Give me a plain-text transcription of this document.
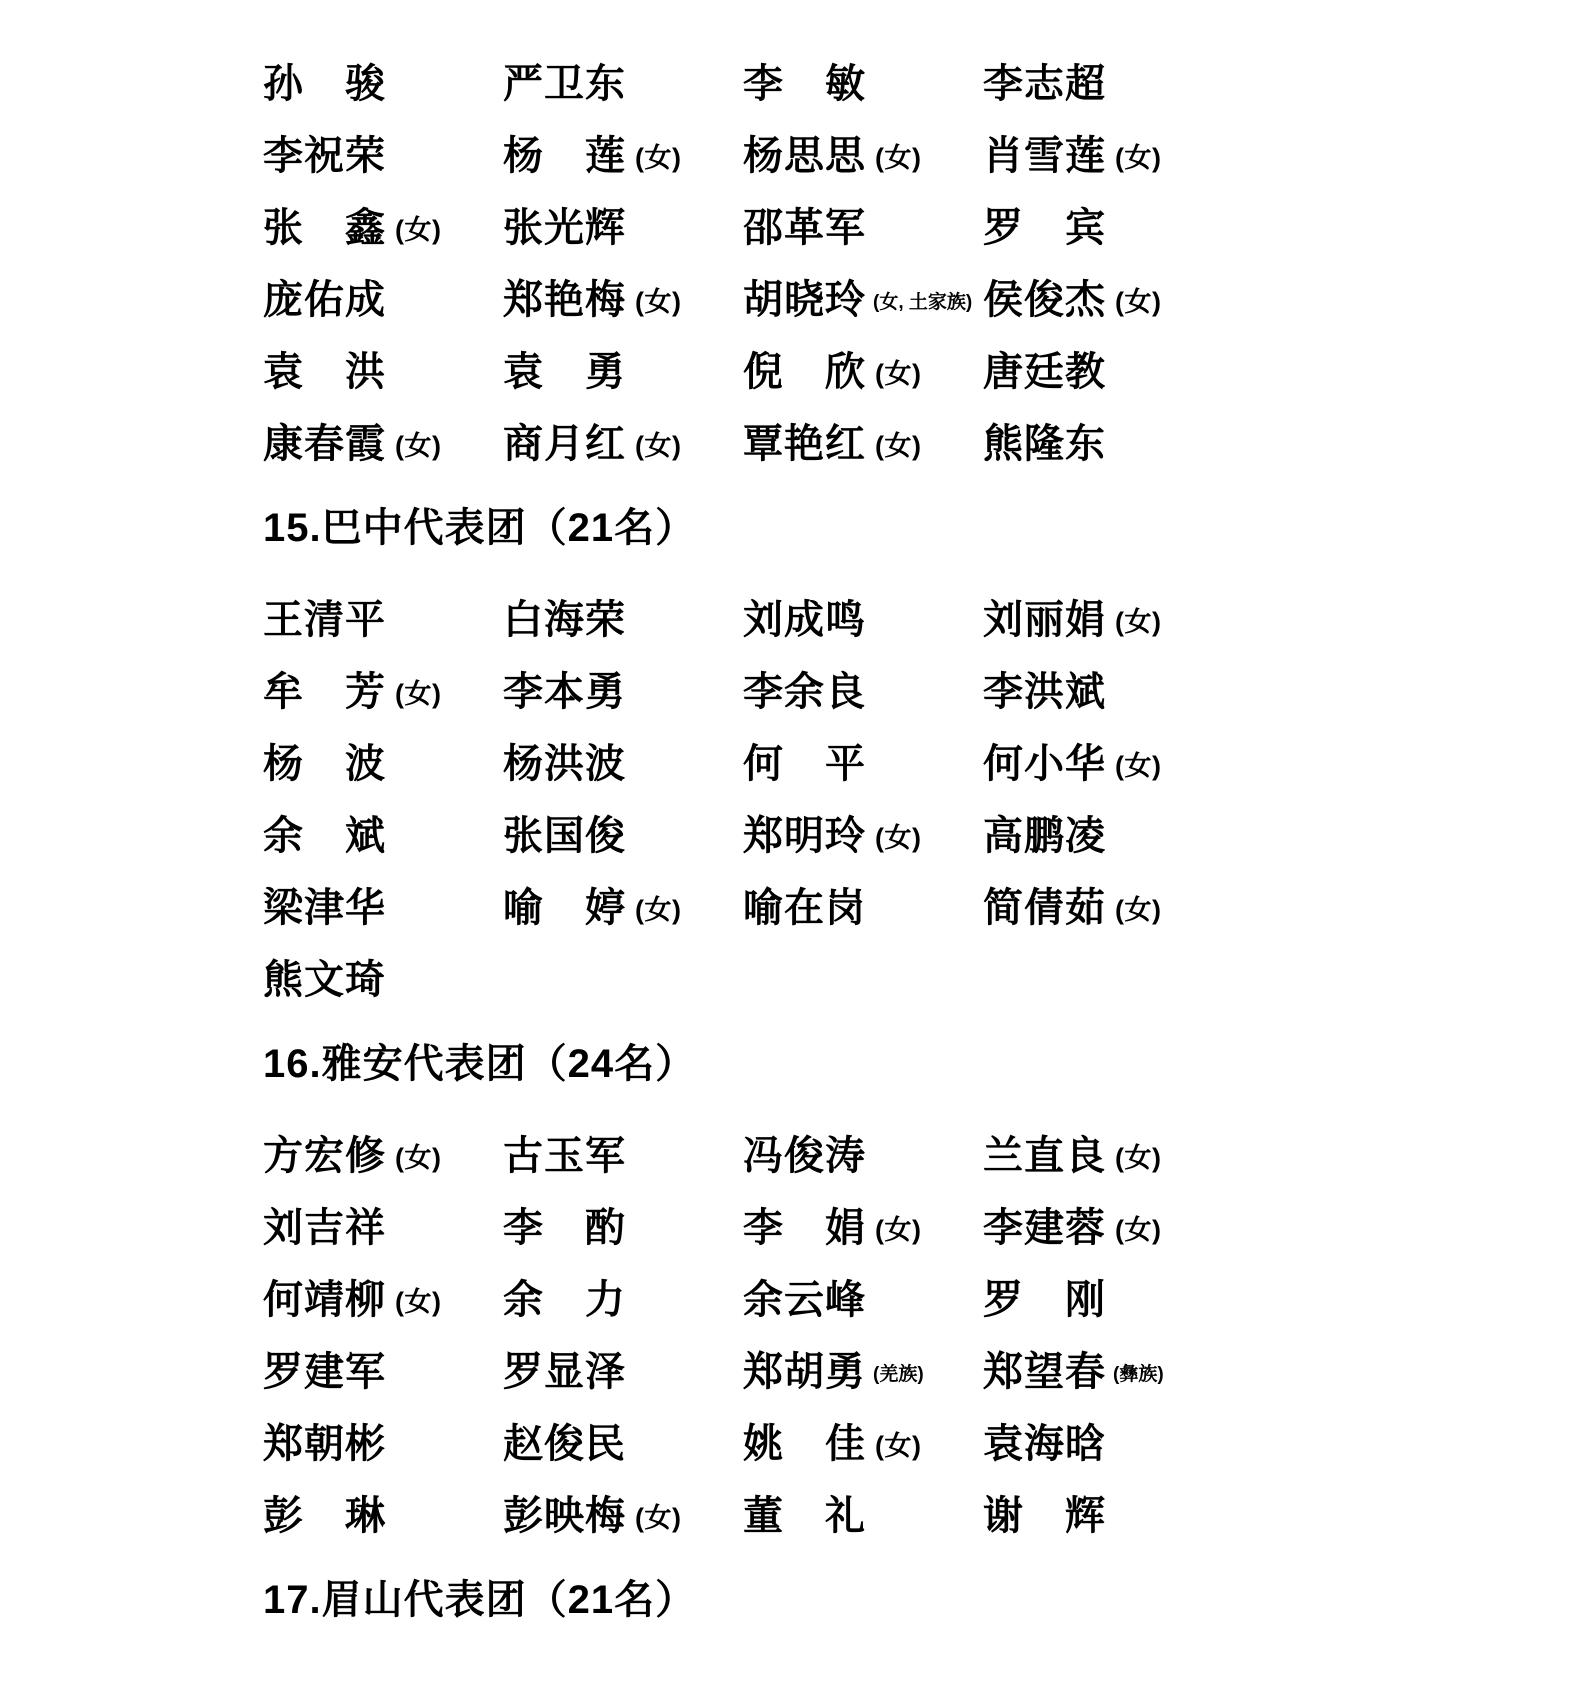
孙　骏	严卫东	李　敏	李志超
李祝荣	杨　莲 (女) 杨思思 (女) 肖雪莲 (女)
张　鑫 (女) 张光辉	邵革军	罗　宾
庞佑成	郑艳梅 (女) 胡晓玲 (女, 土家族) 侯俊杰 (女)
袁　洪	袁　勇	倪　欣 (女) 唐廷教
康春霞 (女) 商月红 (女) 覃艳红 (女) 熊隆东
15.巴中代表团（21名）
王清平	白海荣	刘成鸣	刘丽娟 (女)
牟　芳 (女) 李本勇	李余良	李洪斌
杨　波	杨洪波	何　平	何小华 (女)
余　斌	张国俊	郑明玲 (女) 高鹏凌
梁津华	喻　婷 (女) 喻在岗	简倩茹 (女)
熊文琦
16.雅安代表团（24名）
方宏修 (女) 古玉军	冯俊涛	兰直良 (女)
刘吉祥	李　酌	李　娟 (女) 李建蓉 (女)
何靖柳 (女) 余　力	余云峰	罗　刚
罗建军	罗显泽	郑胡勇 (羌族) 郑望春 (彝族)
郑朝彬	赵俊民	姚　佳 (女) 袁海晗
彭　琳	彭映梅 (女) 董　礼	谢　辉
17.眉山代表团（21名）
